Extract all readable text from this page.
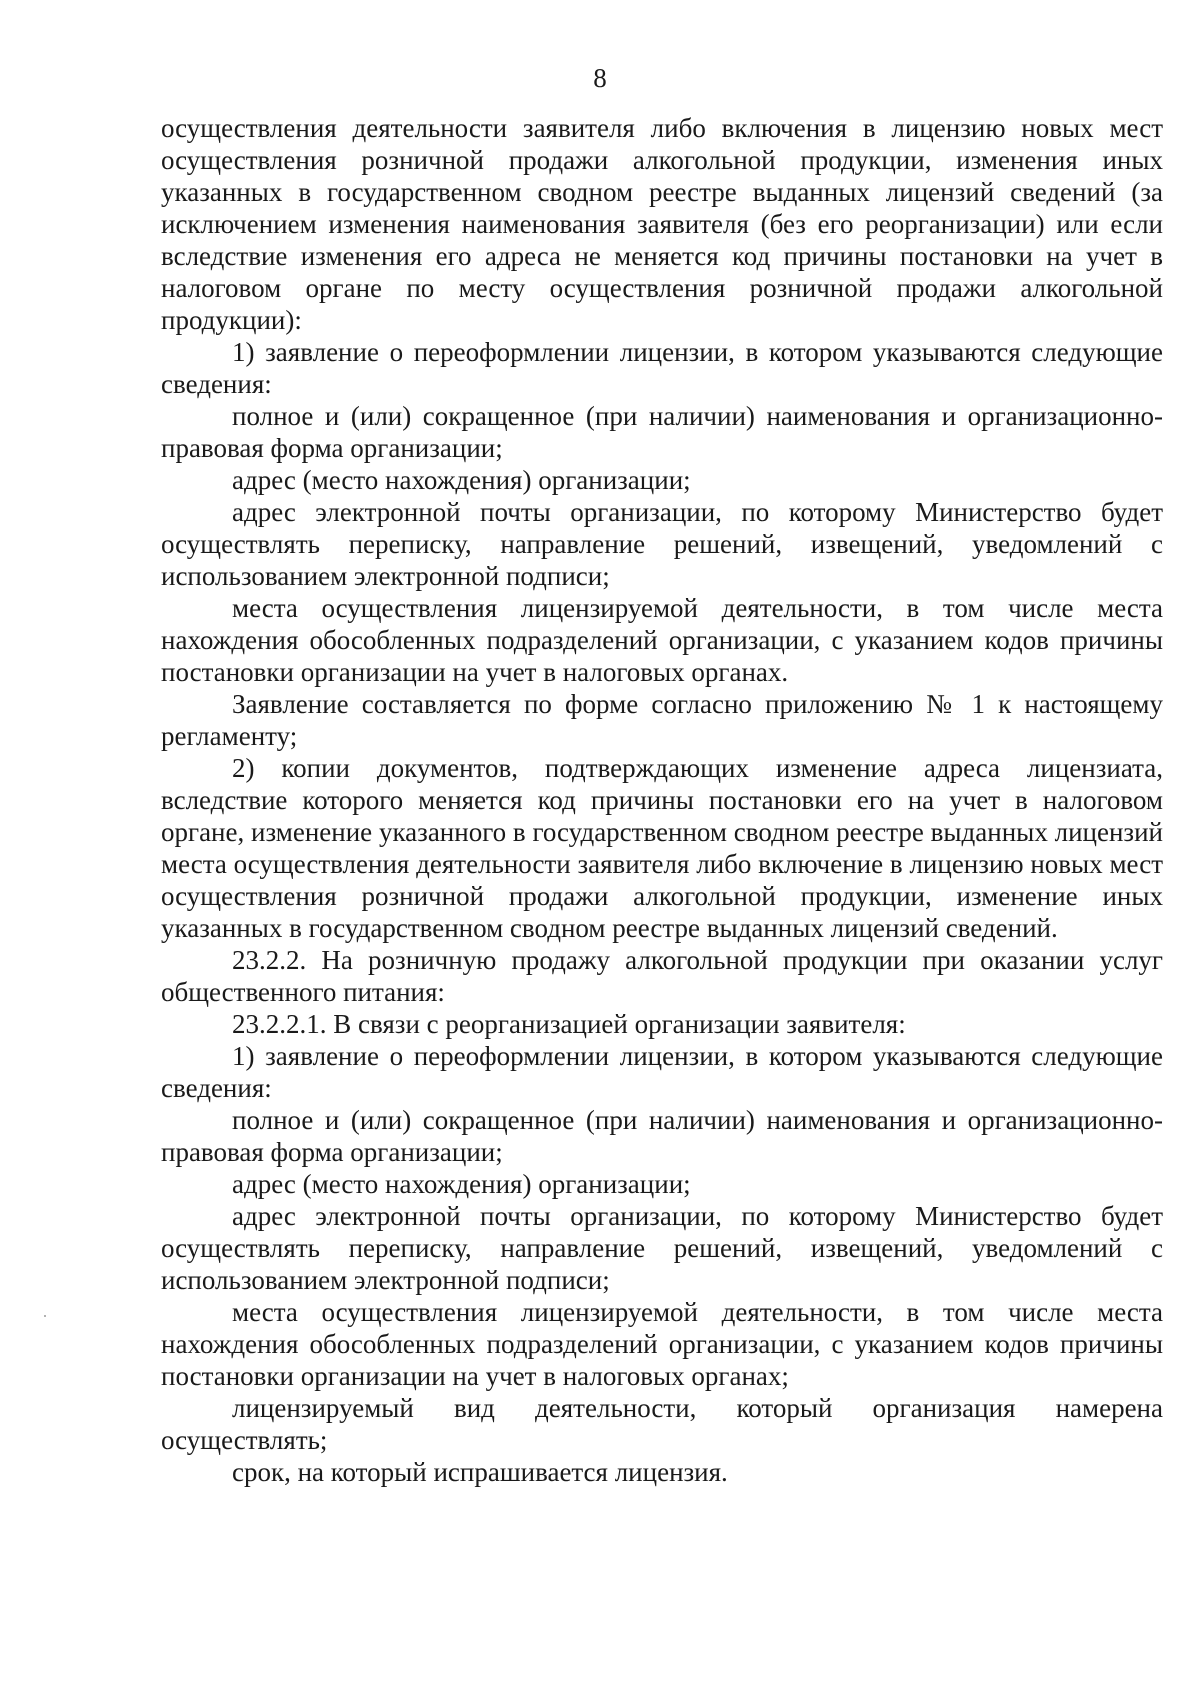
8

осуществления деятельности заявителя либо включения в лицензию новых мест осуществления розничной продажи алкогольной продукции, изменения иных указанных в государственном сводном реестре выданных лицензий сведений (за исключением изменения наименования заявителя (без его реорганизации) или если вследствие изменения его адреса не меняется код причины постановки на учет в налоговом органе по месту осуществления розничной продажи алкогольной продукции):

1) заявление о переоформлении лицензии, в котором указываются следующие сведения:

полное и (или) сокращенное (при наличии) наименования и организационно-правовая форма организации;

адрес (место нахождения) организации;

адрес электронной почты организации, по которому Министерство будет осуществлять переписку, направление решений, извещений, уведомлений с использованием электронной подписи;

места осуществления лицензируемой деятельности, в том числе места нахождения обособленных подразделений организации, с указанием кодов причины постановки организации на учет в налоговых органах.

Заявление составляется по форме согласно приложению № 1 к настоящему регламенту;

2) копии документов, подтверждающих изменение адреса лицензиата, вследствие которого меняется код причины постановки его на учет в налоговом органе, изменение указанного в государственном сводном реестре выданных лицензий места осуществления деятельности заявителя либо включение в лицензию новых мест осуществления розничной продажи алкогольной продукции, изменение иных указанных в государственном сводном реестре выданных лицензий сведений.

23.2.2. На розничную продажу алкогольной продукции при оказании услуг общественного питания:

23.2.2.1. В связи с реорганизацией организации заявителя:

1) заявление о переоформлении лицензии, в котором указываются следующие сведения:

полное и (или) сокращенное (при наличии) наименования и организационно-правовая форма организации;

адрес (место нахождения) организации;

адрес электронной почты организации, по которому Министерство будет осуществлять переписку, направление решений, извещений, уведомлений с использованием электронной подписи;

места осуществления лицензируемой деятельности, в том числе места нахождения обособленных подразделений организации, с указанием кодов причины постановки организации на учет в налоговых органах;

лицензируемый вид деятельности, который организация намерена осуществлять;

срок, на который испрашивается лицензия.
